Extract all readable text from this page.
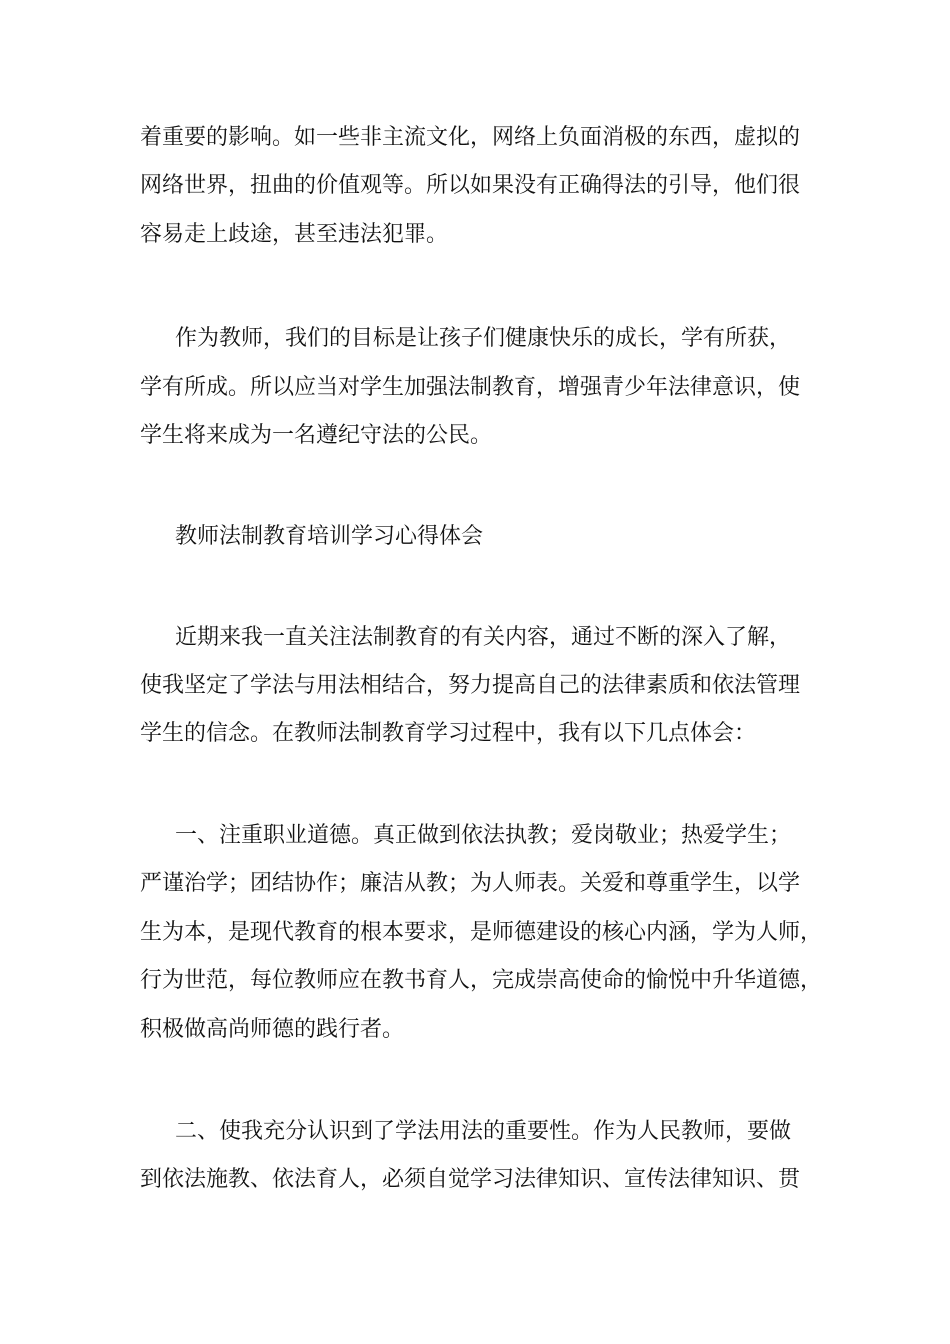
着重要的影响。如一些非主流文化，网络上负面消极的东西，虚拟的
网络世界，扭曲的价值观等。所以如果没有正确得法的引导，他们很
容易走上歧途，甚至违法犯罪。
作为教师，我们的目标是让孩子们健康快乐的成长，学有所获，
学有所成。所以应当对学生加强法制教育，增强青少年法律意识，使
学生将来成为一名遵纪守法的公民。
教师法制教育培训学习心得体会
近期来我一直关注法制教育的有关内容，通过不断的深入了解，
使我坚定了学法与用法相结合，努力提高自己的法律素质和依法管理
学生的信念。在教师法制教育学习过程中，我有以下几点体会：
一、注重职业道德。真正做到依法执教；爱岗敬业；热爱学生；
严谨治学；团结协作；廉洁从教；为人师表。关爱和尊重学生，以学
生为本，是现代教育的根本要求，是师德建设的核心内涵，学为人师，
行为世范，每位教师应在教书育人，完成崇高使命的愉悦中升华道德，
积极做高尚师德的践行者。
二、使我充分认识到了学法用法的重要性。作为人民教师，要做
到依法施教、依法育人，必须自觉学习法律知识、宣传法律知识、贯
